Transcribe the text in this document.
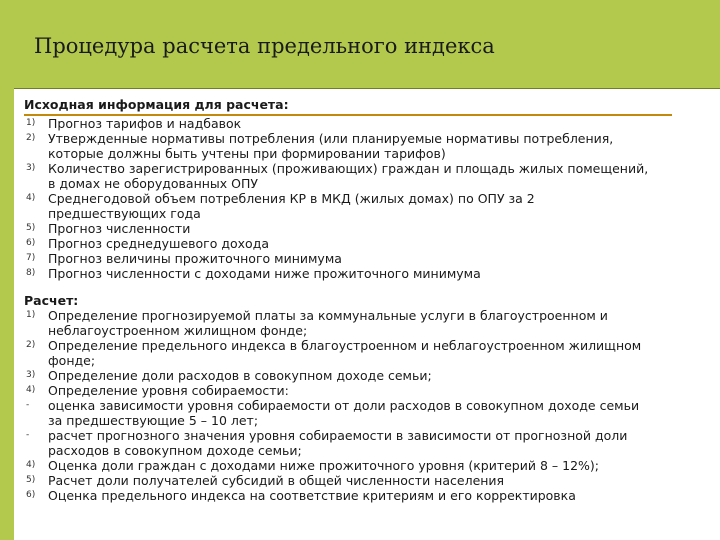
Процедура расчета предельного индекса
Исходная информация для расчета:
1) Прогноз тарифов и надбавок
2) Утвержденные нормативы потребления (или планируемые нормативы потребления,
которые должны быть учтены при формировании тарифов)
3) Количество зарегистрированных (проживающих) граждан и площадь жилых помещений,
в домах не оборудованных ОПУ
4) Среднегодовой объем потребления КР в МКД (жилых домах) по ОПУ за 2
предшествующих года
5) Прогноз численности
6) Прогноз среднедушевого дохода
7) Прогноз величины прожиточного минимума
8) Прогноз численности с доходами ниже прожиточного минимума
Расчет:
1) Определение прогнозируемой платы за коммунальные услуги в благоустроенном и
неблагоустроенном жилищном фонде;
2) Определение предельного индекса в благоустроенном и неблагоустроенном жилищном
фонде;
3) Определение доли расходов в совокупном доходе семьи;
4) Определение уровня собираемости:
- оценка зависимости уровня собираемости от доли расходов в совокупном доходе семьи
за предшествующие 5 – 10 лет;
- расчет прогнозного значения уровня собираемости в зависимости от прогнозной доли
расходов в совокупном доходе семьи;
4) Оценка доли граждан с доходами ниже прожиточного уровня (критерий 8 – 12%);
5) Расчет доли получателей субсидий в общей численности населения
6) Оценка предельного индекса на соответствие критериям и его корректировка
